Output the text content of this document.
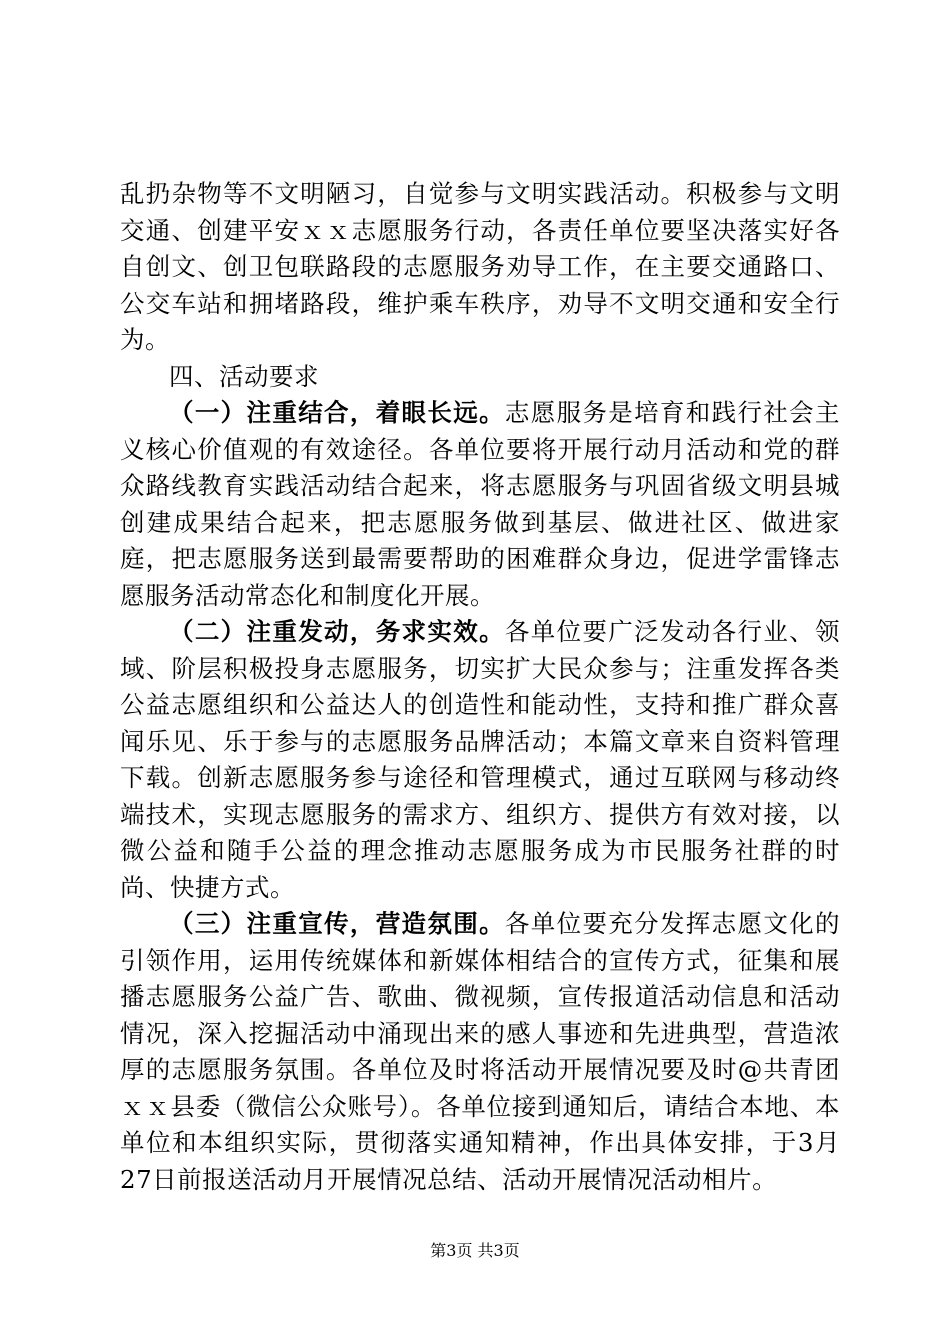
乱扔杂物等不文明陋习，自觉参与文明实践活动。积极参与文明交通、创建平安ｘｘ志愿服务行动，各责任单位要坚决落实好各自创文、创卫包联路段的志愿服务劝导工作，在主要交通路口、公交车站和拥堵路段，维护乘车秩序，劝导不文明交通和安全行为。

四、活动要求

（一）注重结合，着眼长远。志愿服务是培育和践行社会主义核心价值观的有效途径。各单位要将开展行动月活动和党的群众路线教育实践活动结合起来，将志愿服务与巩固省级文明县城创建成果结合起来，把志愿服务做到基层、做进社区、做进家庭，把志愿服务送到最需要帮助的困难群众身边，促进学雷锋志愿服务活动常态化和制度化开展。

（二）注重发动，务求实效。各单位要广泛发动各行业、领域、阶层积极投身志愿服务，切实扩大民众参与；注重发挥各类公益志愿组织和公益达人的创造性和能动性，支持和推广群众喜闻乐见、乐于参与的志愿服务品牌活动；本篇文章来自资料管理下载。创新志愿服务参与途径和管理模式，通过互联网与移动终端技术，实现志愿服务的需求方、组织方、提供方有效对接，以微公益和随手公益的理念推动志愿服务成为市民服务社群的时尚、快捷方式。

（三）注重宣传，营造氛围。各单位要充分发挥志愿文化的引领作用，运用传统媒体和新媒体相结合的宣传方式，征集和展播志愿服务公益广告、歌曲、微视频，宣传报道活动信息和活动情况，深入挖掘活动中涌现出来的感人事迹和先进典型，营造浓厚的志愿服务氛围。各单位及时将活动开展情况要及时@共青团ｘｘ县委（微信公众账号）。各单位接到通知后，请结合本地、本单位和本组织实际，贯彻落实通知精神，作出具体安排，于3月27日前报送活动月开展情况总结、活动开展情况活动相片。

第3页 共3页
